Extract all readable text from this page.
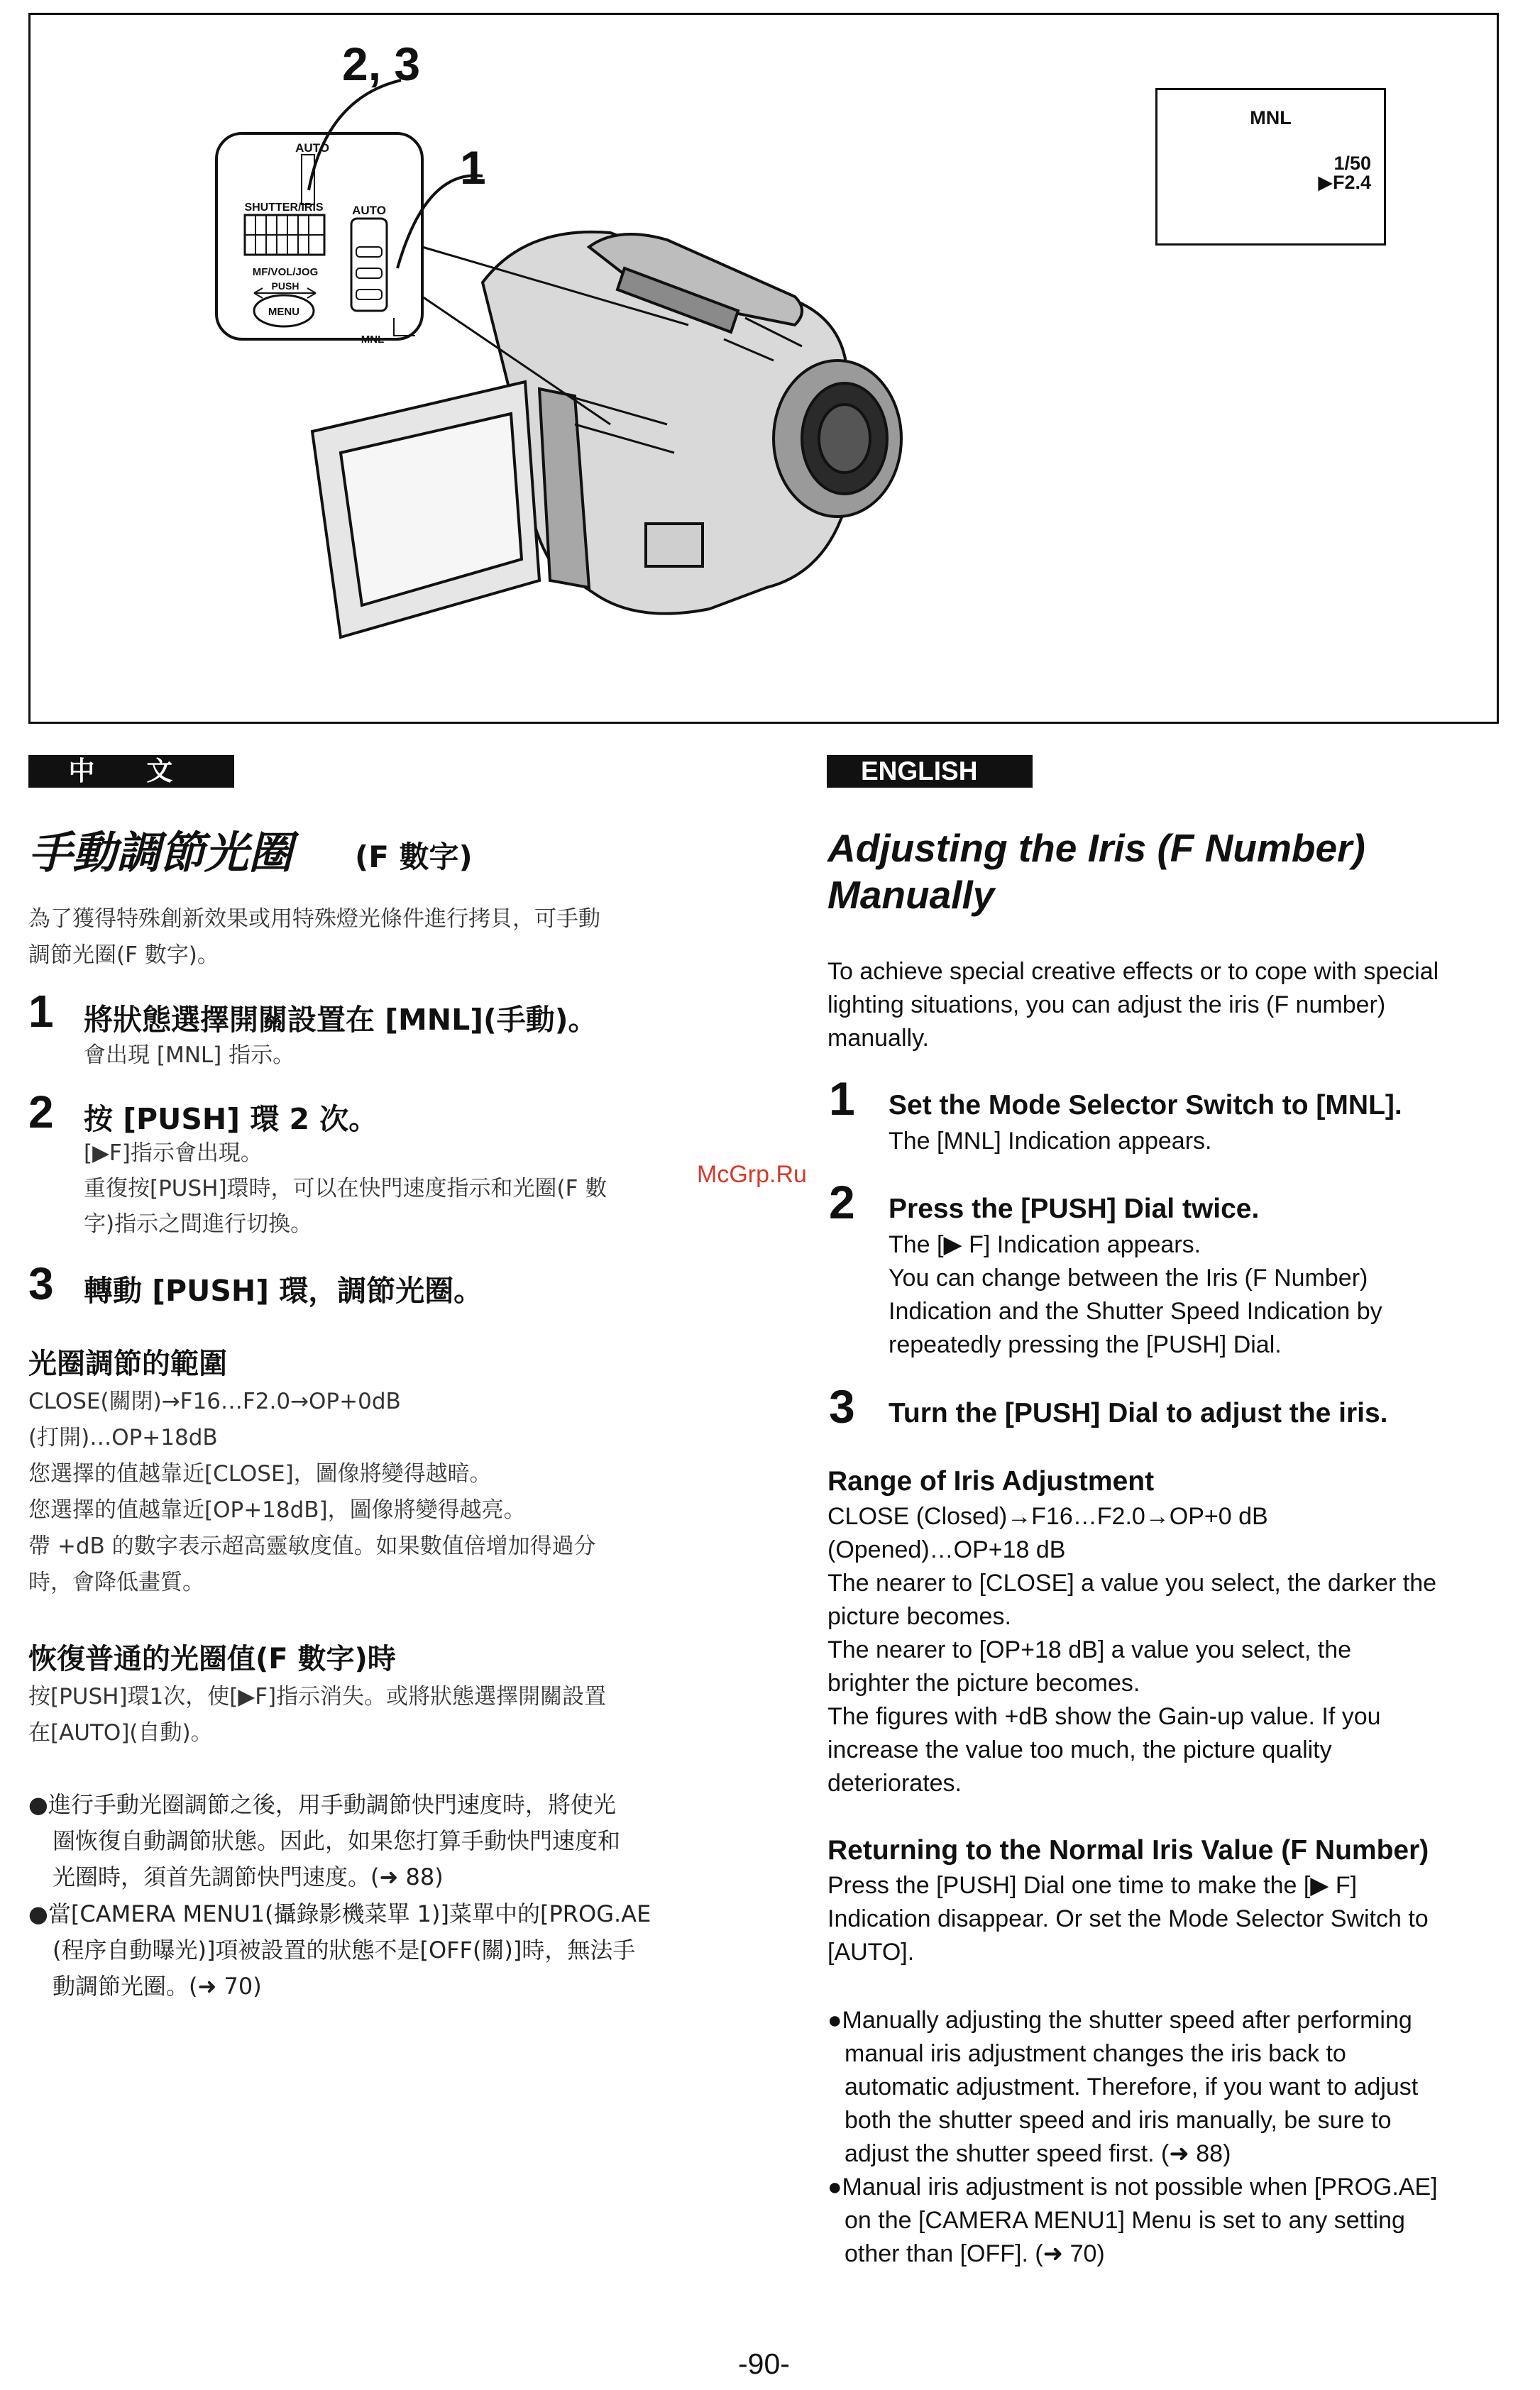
AUTO
SHUTTER/IRIS AUTO
MF/VOL/JOG
PUSH
MENU
MNL
2, 3
1
MNL
1/50
▶F2.4
中 文	ENGLISH
手動調節光圈 (F 數字)
為了獲得特殊創新效果或用特殊燈光條件進行拷貝，可手動
調節光圈(F 數字)。
1 將狀態選擇開關設置在 [MNL](手動)。
會出現 [MNL] 指示。
2 按 [PUSH] 環 2 次。
[▶F]指示會出現。
重復按[PUSH]環時，可以在快門速度指示和光圈(F 數
字)指示之間進行切換。
3 轉動 [PUSH] 環，調節光圈。
光圈調節的範圍
CLOSE(關閉)→F16…F2.0→OP+0dB
(打開)…OP+18dB
您選擇的值越靠近[CLOSE]，圖像將變得越暗。
您選擇的值越靠近[OP+18dB]，圖像將變得越亮。
帶 +dB 的數字表示超高靈敏度值。如果數值倍增加得過分
時，會降低畫質。
恢復普通的光圈值(F 數字)時
按[PUSH]環1次，使[▶F]指示消失。或將狀態選擇開關設置
在[AUTO](自動)。
●進行手動光圈調節之後，用手動調節快門速度時，將使光
圈恢復自動調節狀態。因此，如果您打算手動快門速度和
光圈時，須首先調節快門速度。(➜ 88)
●當[CAMERA MENU1(攝錄影機菜單 1)]菜單中的[PROG.AE
(程序自動曝光)]項被設置的狀態不是[OFF(關)]時，無法手
動調節光圈。(➜ 70)
Adjusting the Iris (F Number)
Manually
To achieve special creative effects or to cope with special
lighting situations, you can adjust the iris (F number)
manually.
1 Set the Mode Selector Switch to [MNL].
The [MNL] Indication appears.
2 Press the [PUSH] Dial twice.
The [▶ F] Indication appears.
You can change between the Iris (F Number)
Indication and the Shutter Speed Indication by
repeatedly pressing the [PUSH] Dial.
3 Turn the [PUSH] Dial to adjust the iris.
Range of Iris Adjustment
CLOSE (Closed)→F16…F2.0→OP+0 dB
(Opened)…OP+18 dB
The nearer to [CLOSE] a value you select, the darker the
picture becomes.
The nearer to [OP+18 dB] a value you select, the
brighter the picture becomes.
The figures with +dB show the Gain-up value. If you
increase the value too much, the picture quality
deteriorates.
Returning to the Normal Iris Value (F Number)
Press the [PUSH] Dial one time to make the [▶ F]
Indication disappear. Or set the Mode Selector Switch to
[AUTO].
●Manually adjusting the shutter speed after performing
manual iris adjustment changes the iris back to
automatic adjustment. Therefore, if you want to adjust
both the shutter speed and iris manually, be sure to
adjust the shutter speed first. (➜ 88)
●Manual iris adjustment is not possible when [PROG.AE]
on the [CAMERA MENU1] Menu is set to any setting
other than [OFF]. (➜ 70)
McGrp.Ru
-90-
